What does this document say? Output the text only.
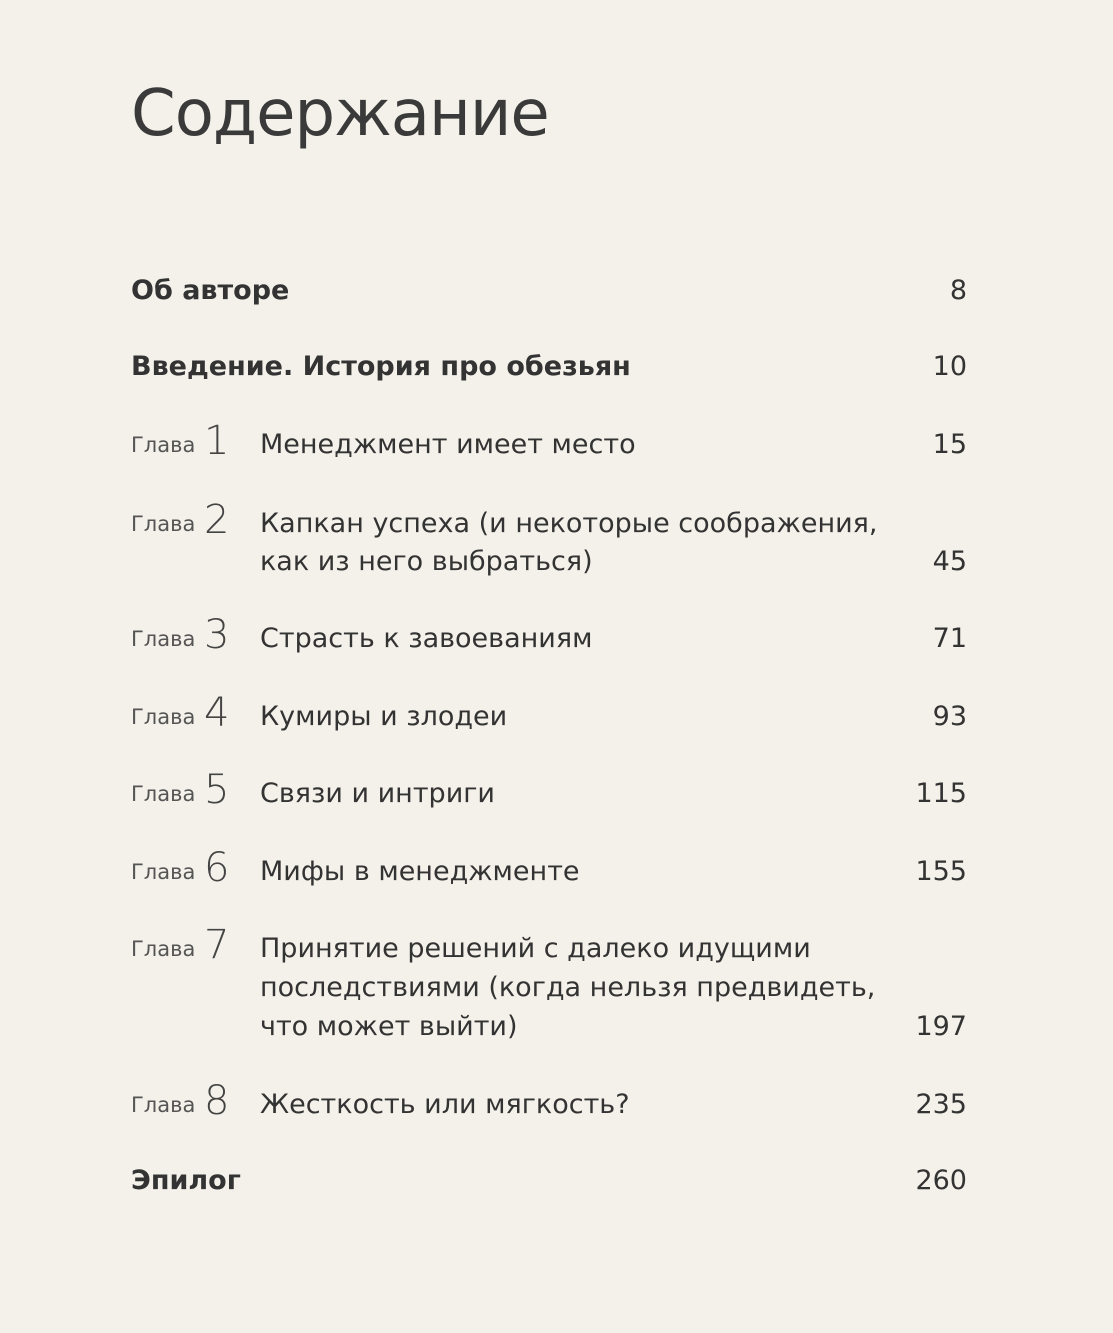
Содержание
Об авторе	8
Введение. История про обезьян	10
Глава 1 Менеджмент имеет место	15
Глава 2 Капкан успеха (и некоторые соображения,
как из него выбраться)	45
Глава 3 Страсть к завоеваниям	71
Глава 4 Кумиры и злодеи	93
Глава 5 Связи и интриги	115
Глава 6 Мифы в менеджменте	155
Глава 7 Принятие решений с далеко идущими
последствиями (когда нельзя предвидеть,
что может выйти)	197
Глава 8 Жесткость или мягкость?	235
Эпилог	260
